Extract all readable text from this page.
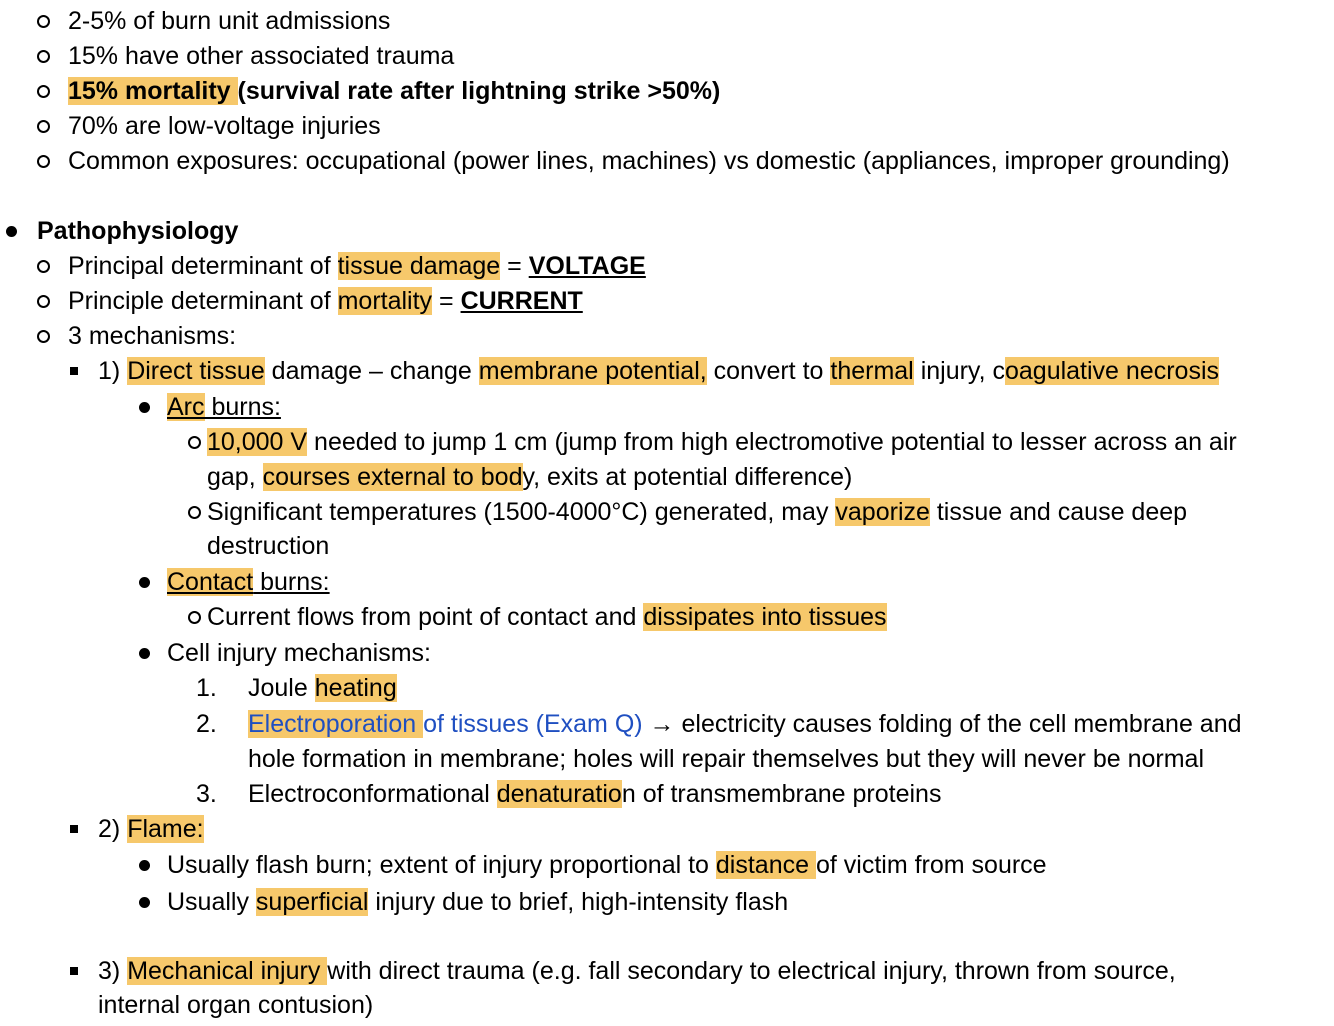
2-5% of burn unit admissions
15% have other associated trauma
15% mortality (survival rate after lightning strike >50%)
70% are low-voltage injuries
Common exposures: occupational (power lines, machines) vs domestic (appliances, improper grounding)
Pathophysiology
Principal determinant of tissue damage = VOLTAGE
Principle determinant of mortality = CURRENT
3 mechanisms:
1) Direct tissue damage – change membrane potential, convert to thermal injury, coagulative necrosis
Arc burns:
10,000 V needed to jump 1 cm (jump from high electromotive potential to lesser across an air
gap, courses external to body, exits at potential difference)
Significant temperatures (1500-4000°C) generated, may vaporize tissue and cause deep
destruction
Contact burns:
Current flows from point of contact and dissipates into tissues
Cell injury mechanisms:
1. Joule heating
2. Electroporation of tissues (Exam Q) → electricity causes folding of the cell membrane and
hole formation in membrane; holes will repair themselves but they will never be normal
3. Electroconformational denaturation of transmembrane proteins
2) Flame:
Usually flash burn; extent of injury proportional to distance of victim from source
Usually superficial injury due to brief, high-intensity flash
3) Mechanical injury with direct trauma (e.g. fall secondary to electrical injury, thrown from source,
internal organ contusion)
